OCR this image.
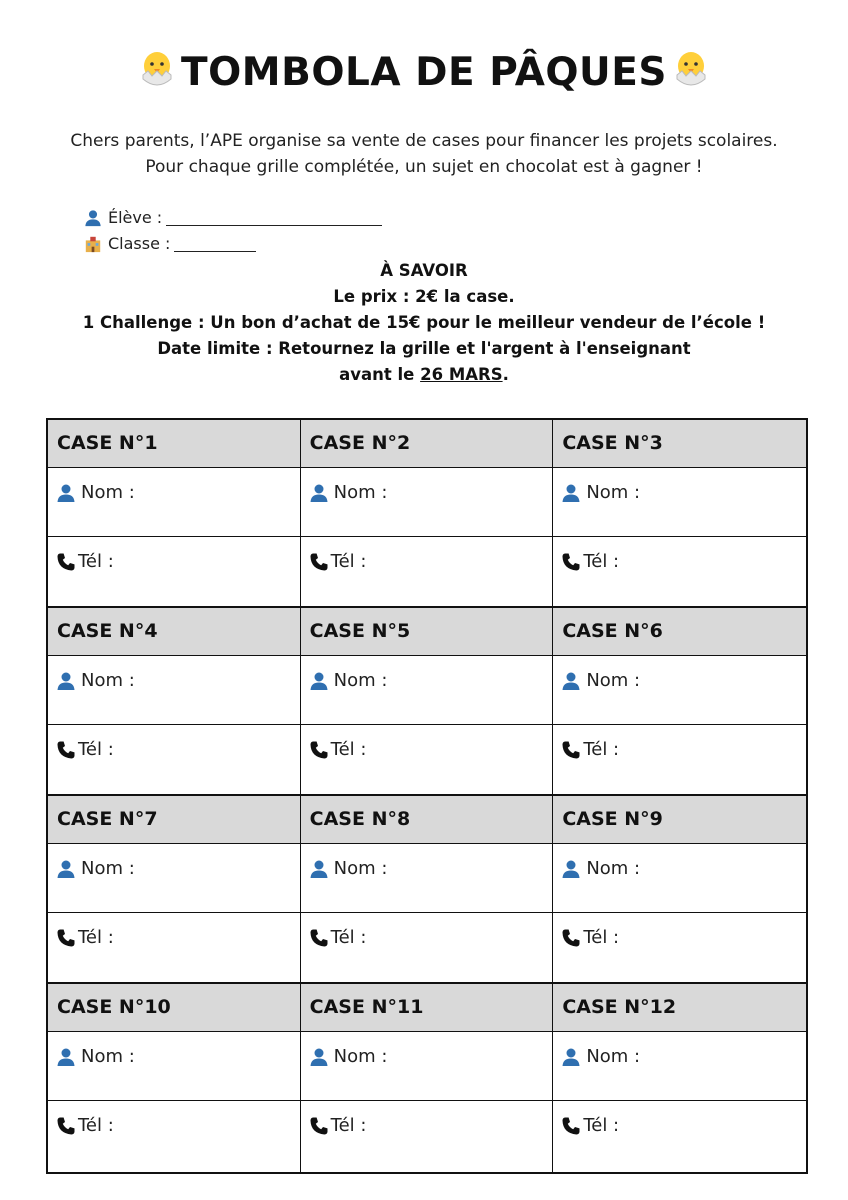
TOMBOLA DE PÂQUES
Chers parents, l’APE organise sa vente de cases pour financer les projets scolaires. Pour chaque grille complétée, un sujet en chocolat est à gagner !
Élève :
Classe :
À SAVOIR
Le prix : 2€ la case.
1 Challenge : Un bon d’achat de 15€ pour le meilleur vendeur de l’école !
Date limite : Retournez la grille et l'argent à l'enseignant
avant le 26 MARS.
CASE N°1
Nom :
Tél :
CASE N°2
Nom :
Tél :
CASE N°3
Nom :
Tél :
CASE N°4
Nom :
Tél :
CASE N°5
Nom :
Tél :
CASE N°6
Nom :
Tél :
CASE N°7
Nom :
Tél :
CASE N°8
Nom :
Tél :
CASE N°9
Nom :
Tél :
CASE N°10
Nom :
Tél :
CASE N°11
Nom :
Tél :
CASE N°12
Nom :
Tél :
